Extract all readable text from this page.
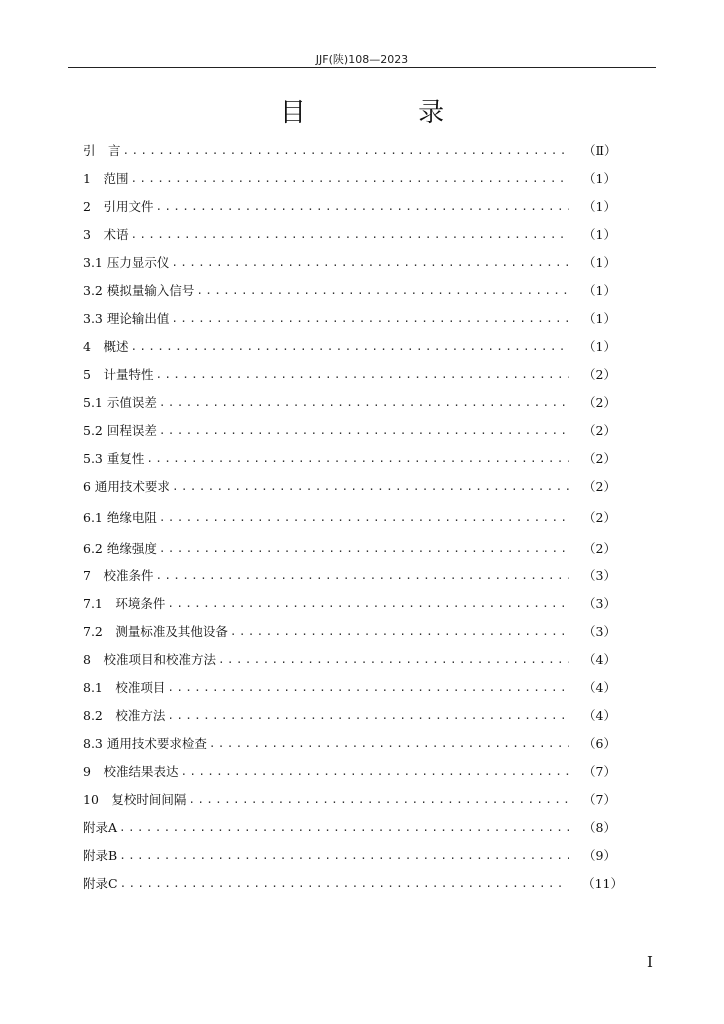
JJF(陕)108—2023
目 录
引　言 .....	（Ⅱ）
1　范围 .....	（1）
2　引用文件 .....	（1）
3　术语 .....	（1）
3.1 压力显示仪 .....	（1）
3.2 模拟量输入信号 .....	（1）
3.3 理论输出值 .....	（1）
4　概述 .....	（1）
5　计量特性 .....	（2）
5.1 示值误差 .....	（2）
5.2 回程误差 .....	（2）
5.3 重复性 .....	（2）
6 通用技术要求 .....	（2）
6.1 绝缘电阻 .....	（2）
6.2 绝缘强度 .....	（2）
7　校准条件 .....	（3）
7.1　环境条件 .....	（3）
7.2　测量标准及其他设备 .....	（3）
8　校准项目和校准方法 .....	（4）
8.1　校准项目 .....	（4）
8.2　校准方法 .....	（4）
8.3 通用技术要求检查 .....	（6）
9　校准结果表达 .....	（7）
10　复校时间间隔 .....	（7）
附录A .....	（8）
附录B .....	（9）
附录C .....	（11）
I
